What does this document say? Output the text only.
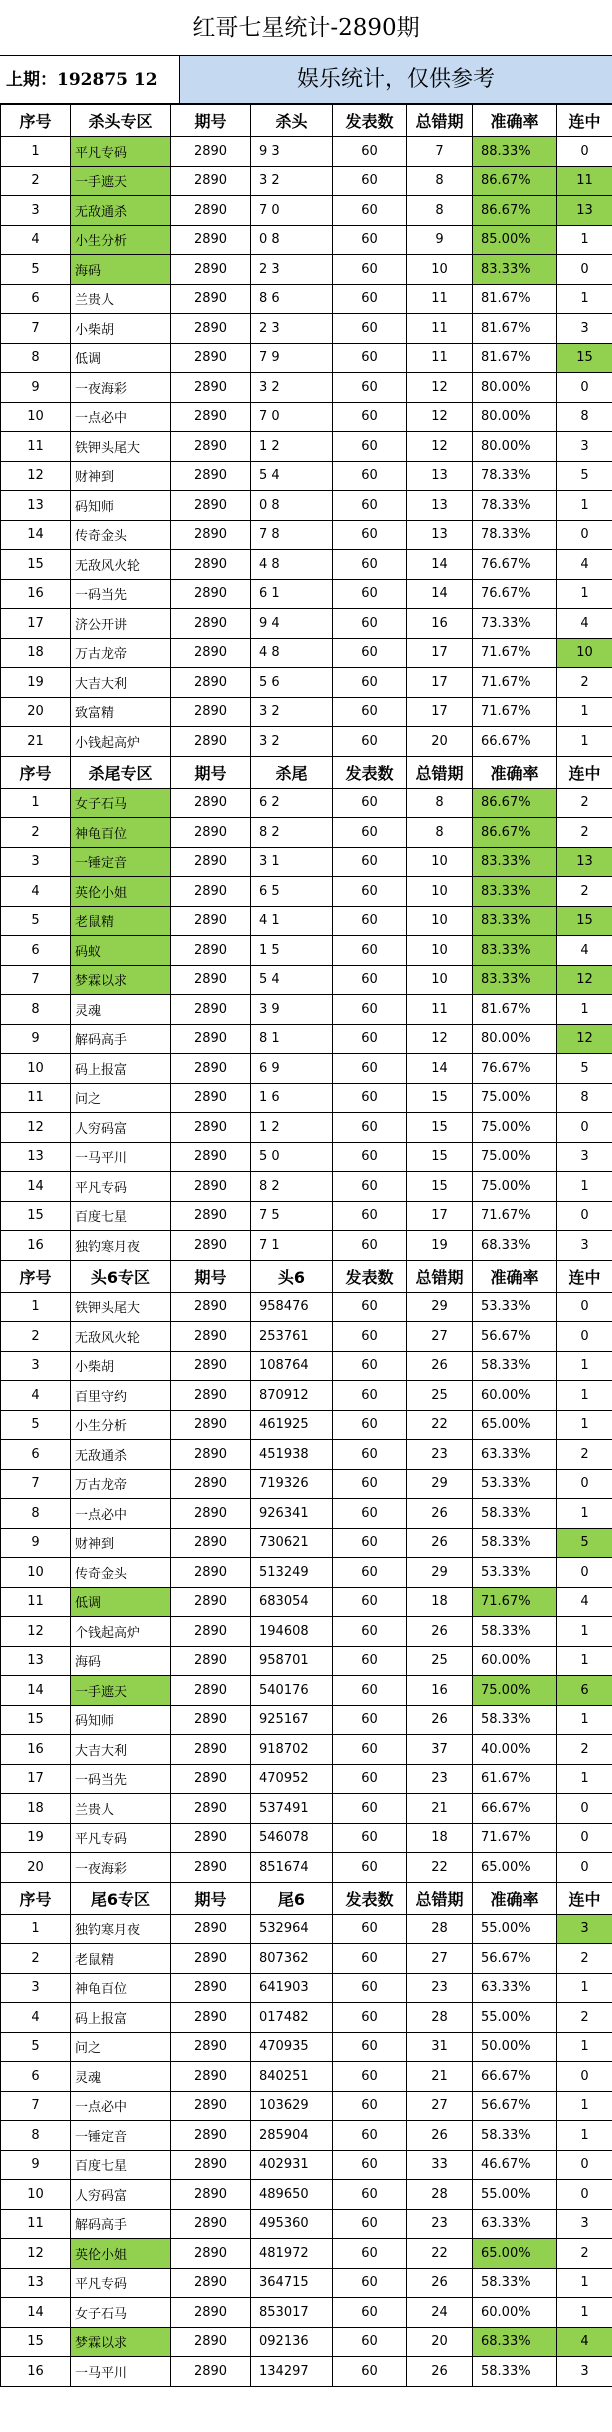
红哥七星统计-2890期
上期：192875 12	娱乐统计，仅供参考
序号	杀头专区	期号	杀头	发表数	总错期	准确率	连中
1	平凡专码	2890	9 3	60	7	88.33%	0
2	一手遮天	2890	3 2	60	8	86.67%	11
3	无敌通杀	2890	7 0	60	8	86.67%	13
4	小生分析	2890	0 8	60	9	85.00%	1
5	海码	2890	2 3	60	10	83.33%	0
6	兰贵人	2890	8 6	60	11	81.67%	1
7	小柴胡	2890	2 3	60	11	81.67%	3
8	低调	2890	7 9	60	11	81.67%	15
9	一夜海彩	2890	3 2	60	12	80.00%	0
10	一点必中	2890	7 0	60	12	80.00%	8
11	铁钾头尾大	2890	1 2	60	12	80.00%	3
12	财神到	2890	5 4	60	13	78.33%	5
13	码知师	2890	0 8	60	13	78.33%	1
14	传奇金头	2890	7 8	60	13	78.33%	0
15	无敌风火轮	2890	4 8	60	14	76.67%	4
16	一码当先	2890	6 1	60	14	76.67%	1
17	济公开讲	2890	9 4	60	16	73.33%	4
18	万古龙帝	2890	4 8	60	17	71.67%	10
19	大吉大利	2890	5 6	60	17	71.67%	2
20	致富精	2890	3 2	60	17	71.67%	1
21	小钱起高炉	2890	3 2	60	20	66.67%	1
序号	杀尾专区	期号	杀尾	发表数	总错期	准确率	连中
1	女子石马	2890	6 2	60	8	86.67%	2
2	神龟百位	2890	8 2	60	8	86.67%	2
3	一锤定音	2890	3 1	60	10	83.33%	13
4	英伦小姐	2890	6 5	60	10	83.33%	2
5	老鼠精	2890	4 1	60	10	83.33%	15
6	码蚁	2890	1 5	60	10	83.33%	4
7	梦霖以求	2890	5 4	60	10	83.33%	12
8	灵魂	2890	3 9	60	11	81.67%	1
9	解码高手	2890	8 1	60	12	80.00%	12
10	码上报富	2890	6 9	60	14	76.67%	5
11	问之	2890	1 6	60	15	75.00%	8
12	人穷码富	2890	1 2	60	15	75.00%	0
13	一马平川	2890	5 0	60	15	75.00%	3
14	平凡专码	2890	8 2	60	15	75.00%	1
15	百度七星	2890	7 5	60	17	71.67%	0
16	独钓寒月夜	2890	7 1	60	19	68.33%	3
序号	头6专区	期号	头6	发表数	总错期	准确率	连中
1	铁钾头尾大	2890	958476	60	29	53.33%	0
2	无敌风火轮	2890	253761	60	27	56.67%	0
3	小柴胡	2890	108764	60	26	58.33%	1
4	百里守约	2890	870912	60	25	60.00%	1
5	小生分析	2890	461925	60	22	65.00%	1
6	无敌通杀	2890	451938	60	23	63.33%	2
7	万古龙帝	2890	719326	60	29	53.33%	0
8	一点必中	2890	926341	60	26	58.33%	1
9	财神到	2890	730621	60	26	58.33%	5
10	传奇金头	2890	513249	60	29	53.33%	0
11	低调	2890	683054	60	18	71.67%	4
12	个钱起高炉	2890	194608	60	26	58.33%	1
13	海码	2890	958701	60	25	60.00%	1
14	一手遮天	2890	540176	60	16	75.00%	6
15	码知师	2890	925167	60	26	58.33%	1
16	大吉大利	2890	918702	60	37	40.00%	2
17	一码当先	2890	470952	60	23	61.67%	1
18	兰贵人	2890	537491	60	21	66.67%	0
19	平凡专码	2890	546078	60	18	71.67%	0
20	一夜海彩	2890	851674	60	22	65.00%	0
序号	尾6专区	期号	尾6	发表数	总错期	准确率	连中
1	独钓寒月夜	2890	532964	60	28	55.00%	3
2	老鼠精	2890	807362	60	27	56.67%	2
3	神龟百位	2890	641903	60	23	63.33%	1
4	码上报富	2890	017482	60	28	55.00%	2
5	问之	2890	470935	60	31	50.00%	1
6	灵魂	2890	840251	60	21	66.67%	0
7	一点必中	2890	103629	60	27	56.67%	1
8	一锤定音	2890	285904	60	26	58.33%	1
9	百度七星	2890	402931	60	33	46.67%	0
10	人穷码富	2890	489650	60	28	55.00%	0
11	解码高手	2890	495360	60	23	63.33%	3
12	英伦小姐	2890	481972	60	22	65.00%	2
13	平凡专码	2890	364715	60	26	58.33%	1
14	女子石马	2890	853017	60	24	60.00%	1
15	梦霖以求	2890	092136	60	20	68.33%	4
16	一马平川	2890	134297	60	26	58.33%	3
